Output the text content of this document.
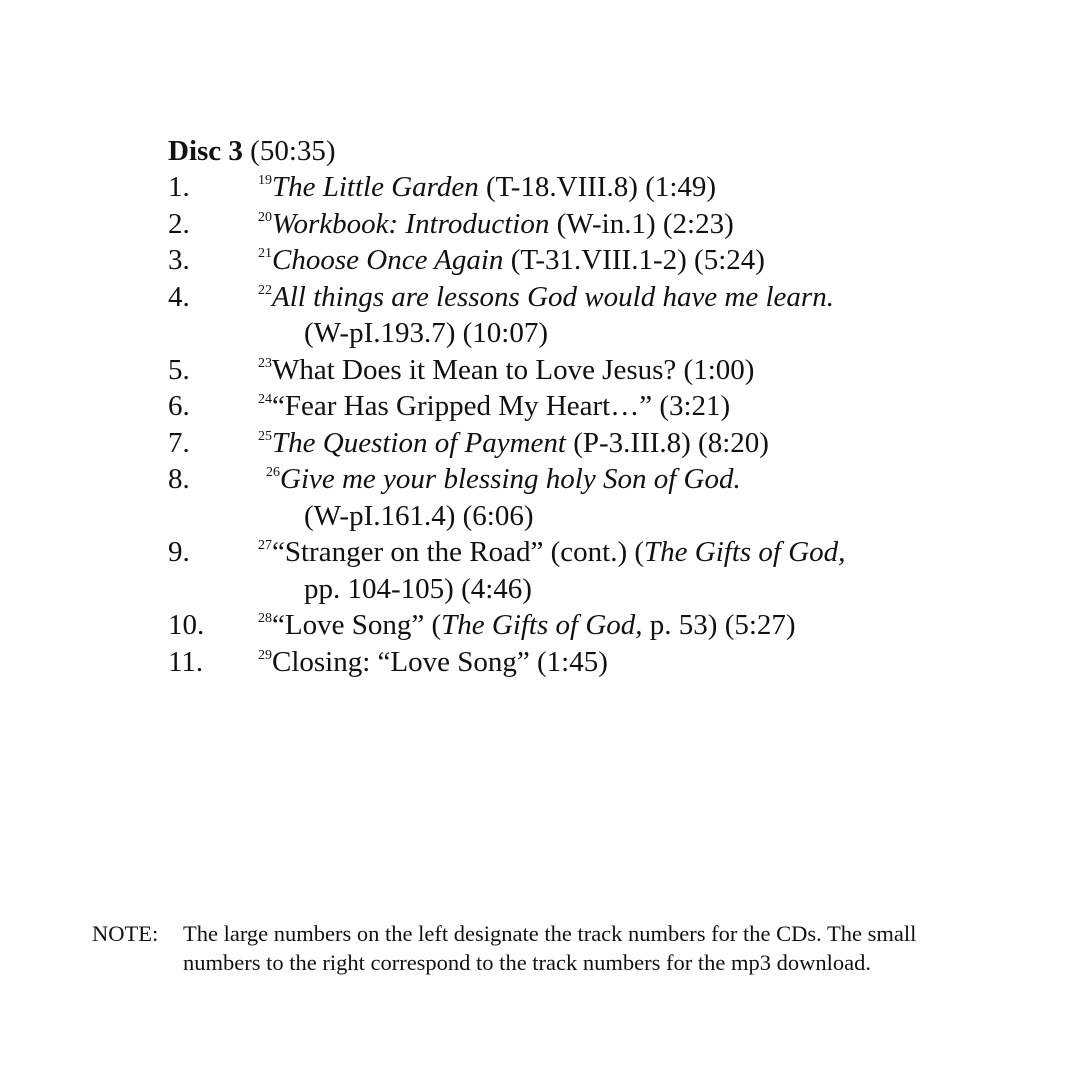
Disc 3 (50:35)
1.	$^{19}$The Little Garden (T-18.VIII.8) (1:49)
2.	$^{20}$Workbook: Introduction (W-in.1) (2:23)
3.	$^{21}$Choose Once Again (T-31.VIII.1-2) (5:24)
4.	$^{22}$All things are lessons God would have me learn.
(W-pI.193.7) (10:07)
5.	$^{23}$What Does it Mean to Love Jesus? (1:00)
6.	$^{24}$“Fear Has Gripped My Heart…” (3:21)
7.	$^{25}$The Question of Payment (P-3.III.8) (8:20)
8.	$^{26}$Give me your blessing holy Son of God.
(W-pI.161.4) (6:06)
9.	$^{27}$“Stranger on the Road” (cont.) (The Gifts of God,
pp. 104-105) (4:46)
10.	$^{28}$“Love Song” (The Gifts of God, p. 53) (5:27)
11.	$^{29}$Closing: “Love Song” (1:45)
NOTE: The large numbers on the left designate the track numbers for the CDs. The small
numbers to the right correspond to the track numbers for the mp3 download.
